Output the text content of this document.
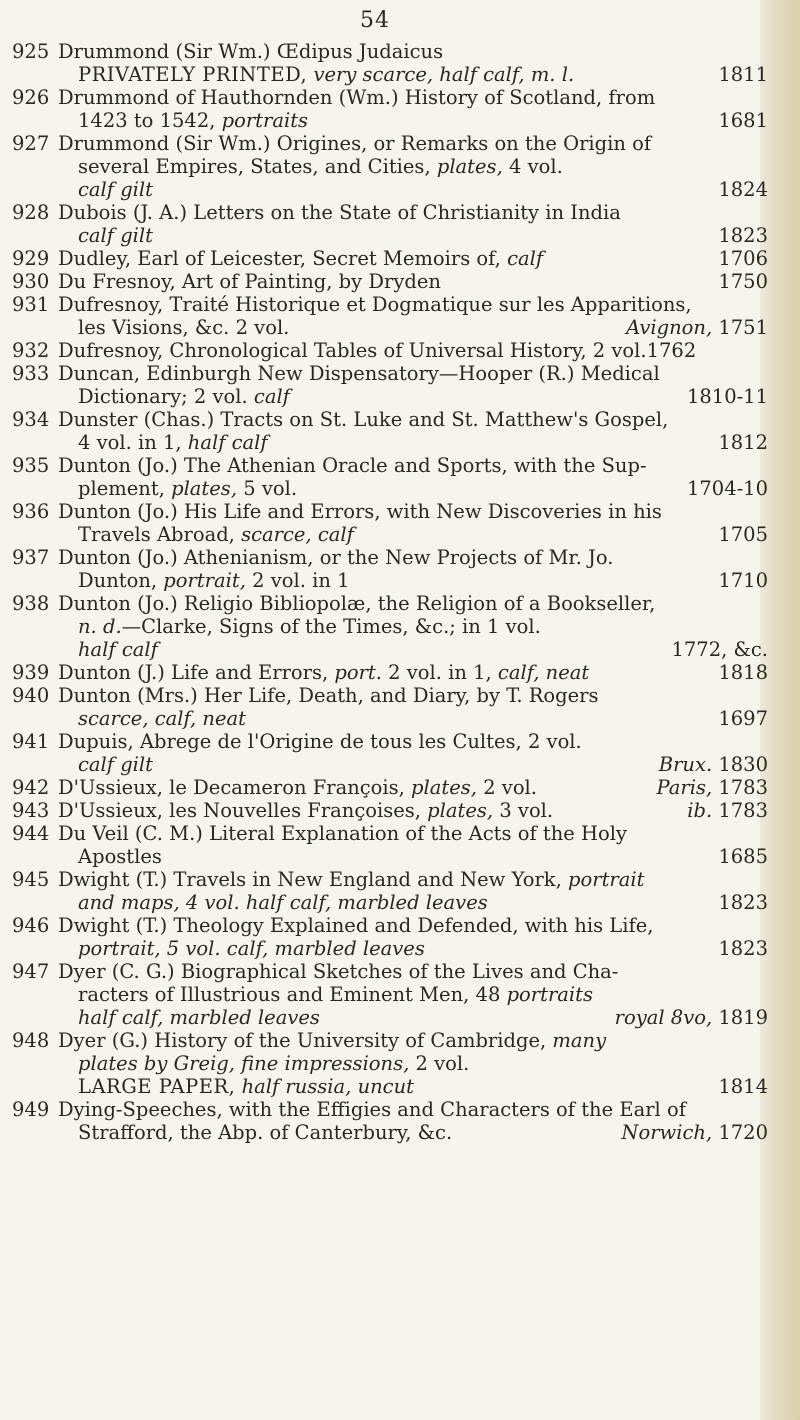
54
925 Drummond (Sir Wm.) Œdipus Judaicus
PRIVATELY PRINTED, very scarce, half calf, m. l.	1811
926 Drummond of Hauthornden (Wm.) History of Scotland, from
1423 to 1542, portraits	1681
927 Drummond (Sir Wm.) Origines, or Remarks on the Origin of
several Empires, States, and Cities, plates, 4 vol.
calf gilt	1824
928 Dubois (J. A.) Letters on the State of Christianity in India
calf gilt	1823
929 Dudley, Earl of Leicester, Secret Memoirs of, calf	1706
930 Du Fresnoy, Art of Painting, by Dryden	1750
931 Dufresnoy, Traité Historique et Dogmatique sur les Apparitions,
les Visions, &c. 2 vol.	Avignon, 1751
932 Dufresnoy, Chronological Tables of Universal History, 2 vol.1762
933 Duncan, Edinburgh New Dispensatory—Hooper (R.) Medical
Dictionary; 2 vol. calf	1810-11
934 Dunster (Chas.) Tracts on St. Luke and St. Matthew's Gospel,
4 vol. in 1, half calf	1812
935 Dunton (Jo.) The Athenian Oracle and Sports, with the Sup-
plement, plates, 5 vol.	1704-10
936 Dunton (Jo.) His Life and Errors, with New Discoveries in his
Travels Abroad, scarce, calf	1705
937 Dunton (Jo.) Athenianism, or the New Projects of Mr. Jo.
Dunton, portrait, 2 vol. in 1	1710
938 Dunton (Jo.) Religio Bibliopolæ, the Religion of a Bookseller,
n. d.—Clarke, Signs of the Times, &c.; in 1 vol.
half calf	1772, &c.
939 Dunton (J.) Life and Errors, port. 2 vol. in 1, calf, neat	1818
940 Dunton (Mrs.) Her Life, Death, and Diary, by T. Rogers
scarce, calf, neat	1697
941 Dupuis, Abrege de l'Origine de tous les Cultes, 2 vol.
calf gilt	Brux. 1830
942 D'Ussieux, le Decameron François, plates, 2 vol.	Paris, 1783
943 D'Ussieux, les Nouvelles Françoises, plates, 3 vol.	ib. 1783
944 Du Veil (C. M.) Literal Explanation of the Acts of the Holy
Apostles	1685
945 Dwight (T.) Travels in New England and New York, portrait
and maps, 4 vol. half calf, marbled leaves	1823
946 Dwight (T.) Theology Explained and Defended, with his Life,
portrait, 5 vol. calf, marbled leaves	1823
947 Dyer (C. G.) Biographical Sketches of the Lives and Cha-
racters of Illustrious and Eminent Men, 48 portraits
half calf, marbled leaves	royal 8vo, 1819
948 Dyer (G.) History of the University of Cambridge, many
plates by Greig, fine impressions, 2 vol.
LARGE PAPER, half russia, uncut	1814
949 Dying-Speeches, with the Effigies and Characters of the Earl of
Strafford, the Abp. of Canterbury, &c.	Norwich, 1720
